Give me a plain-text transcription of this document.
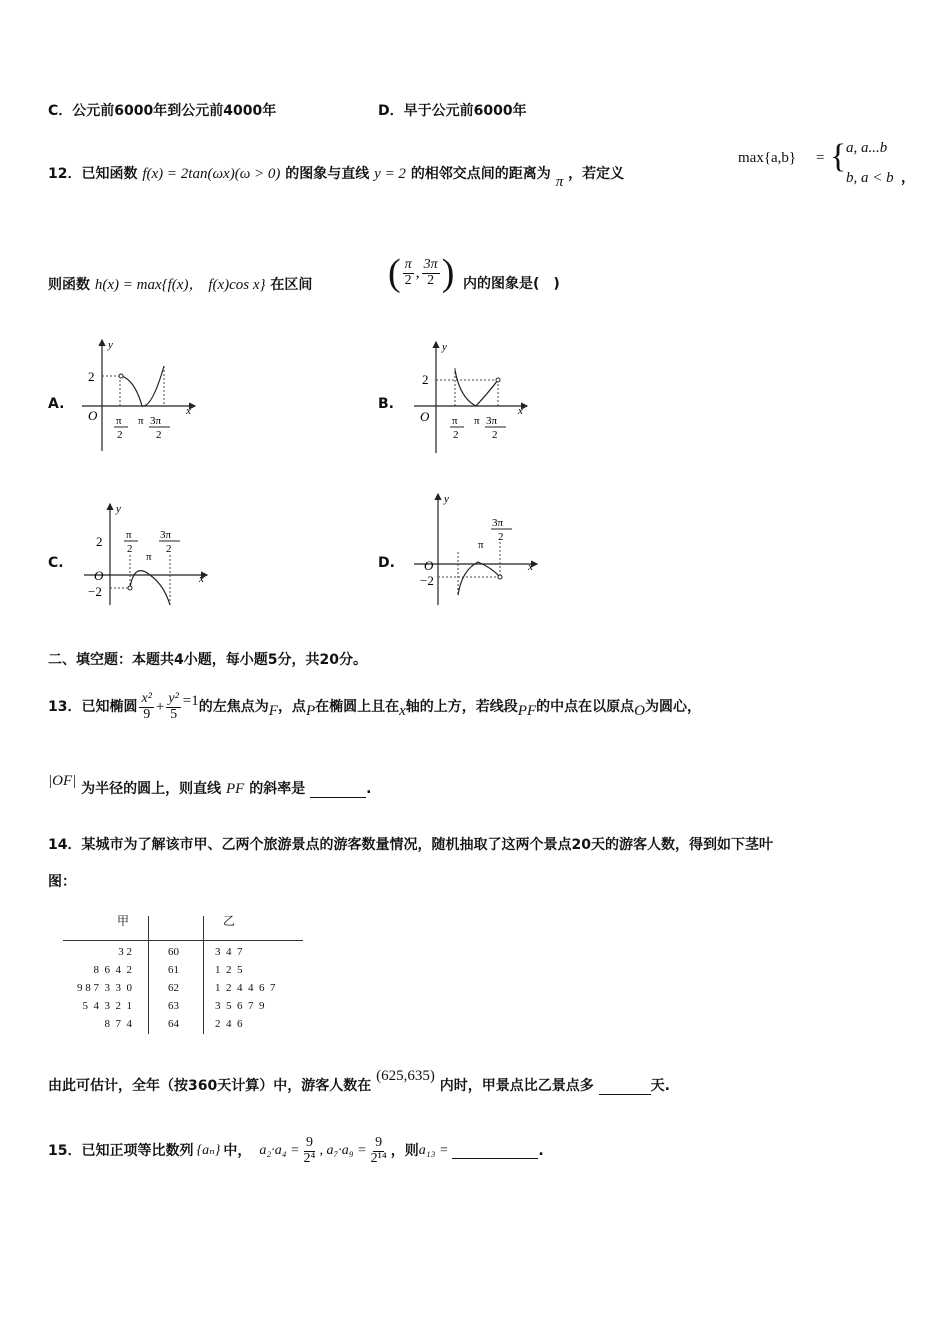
C．公元前6000年到公元前4000年	D．早于公元前6000年
12．已知函数 f(x) = 2tan(ωx)(ω > 0) 的图象与直线 y = 2 的相邻交点间的距离为 π ，若定义
max{a,b} = { a, a...b
b, a < b ，
则函数 h(x) = max{f(x)， f(x)cos x} 在区间 ( $\frac{\pi}{2}$ , $\frac{3\pi}{2}$ ) 内的图象是(　)
A.	B.
C.	D.
y
x
O
2
π
2
π 3π
2
y
x
O
2
π
2
π 3π
2
y
x
2
O
−2
π
2
π
3π
2
y
x
O
−2
π
3π
2
二、填空题：本题共4小题，每小题5分，共20分。
13．已知椭圆 $\frac{\text{x²}}{9} + \frac{\text{y²}}{5} =1$ 的左焦点为 F ，点 P 在椭圆上且在 x 轴的上方，若线段 PF 的中点在以原点 O 为圆心，
|OF| 为半径的圆上，则直线 PF 的斜率是	.
14．某城市为了解该市甲、乙两个旅游景点的游客数量情况，随机抽取了这两个景点20天的游客人数，得到如下茎叶
图：
甲	乙
3 2	60	3  4  7
8  6  4  2	61	1  2  5
9 8 7  3  3  0	62	1  2  4  4  6  7
5  4  3  2  1	63	3  5  6  7  9
8  7  4	64	2  4  6
由此可估计，全年（按360天计算）中，游客人数在 (625,635) 内时，甲景点比乙景点多	天.
15．已知正项等比数列 {aₙ} 中， $a_2\cdot a_4 = \frac{9}{\text{2⁴}}$ , $a_7\cdot a_9 = \frac{9}{\text{2¹⁴}}$ ，则 a₁₃ =	.
